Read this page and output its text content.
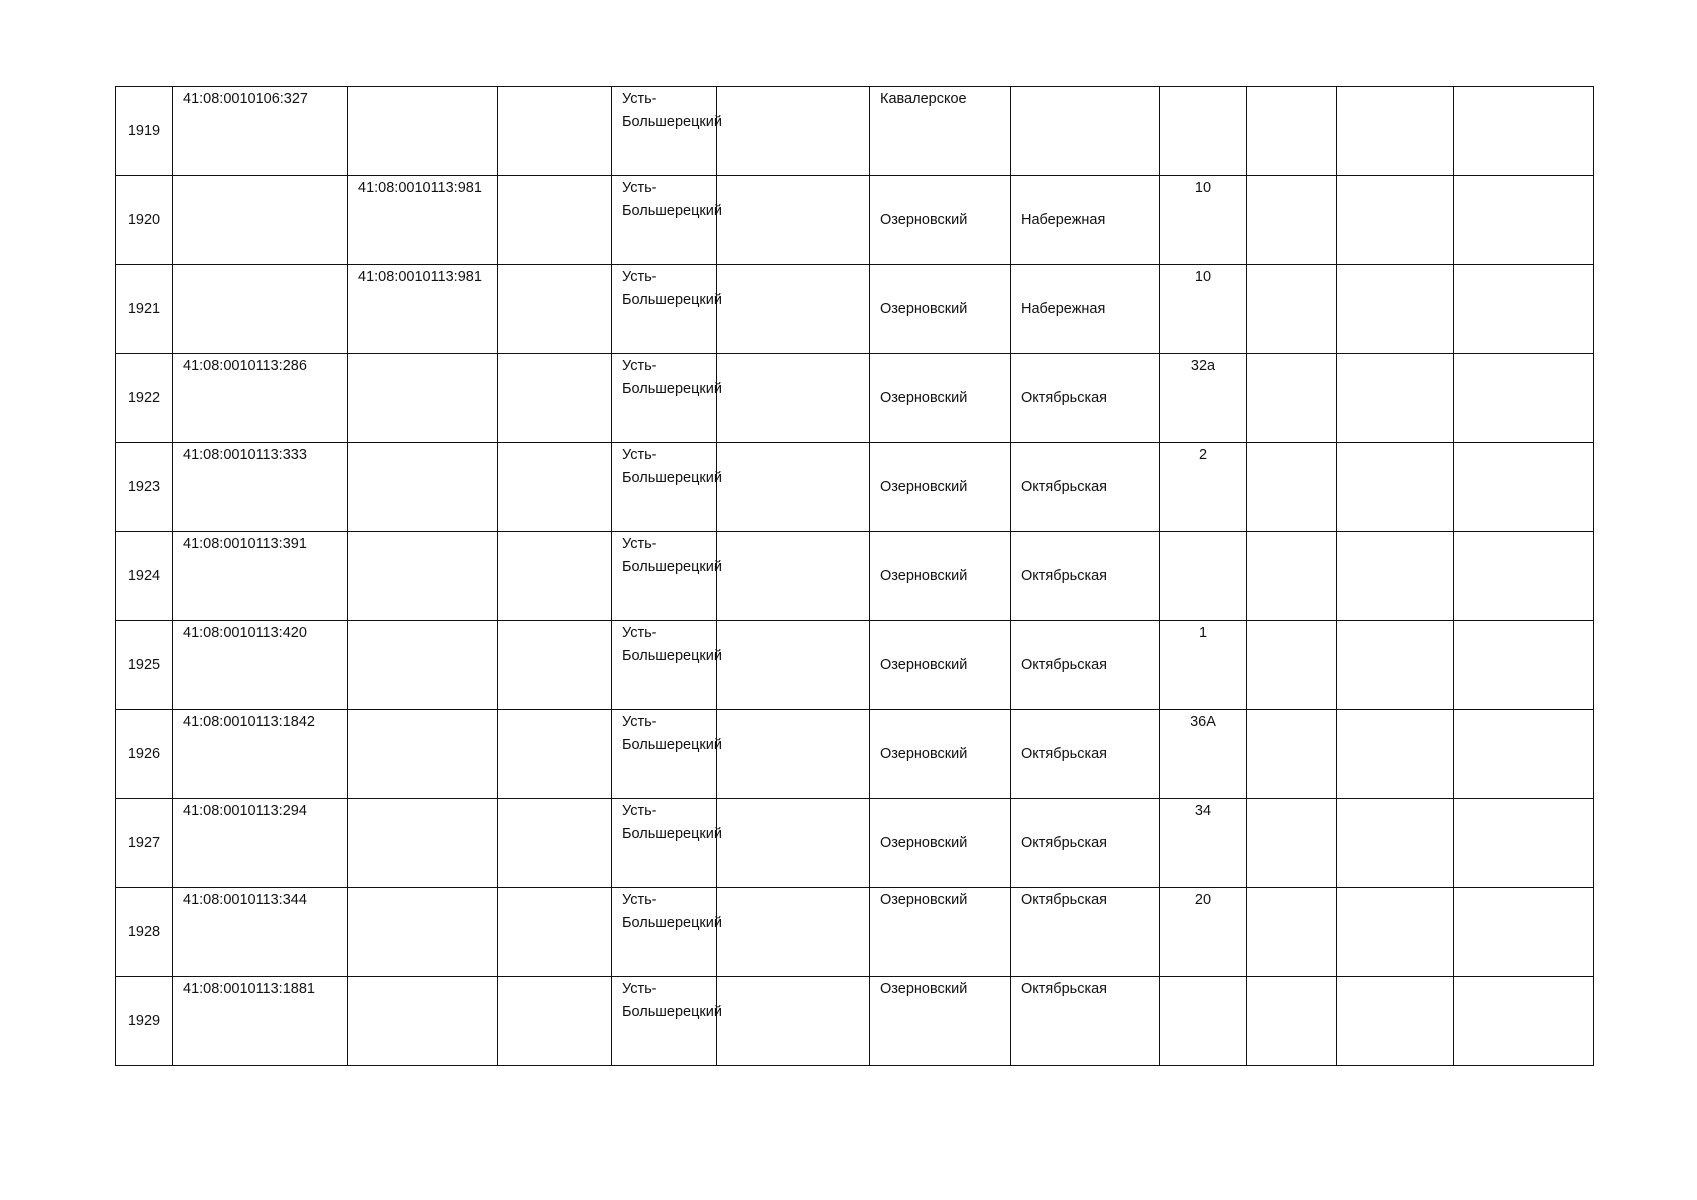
1919	41:08:0010106:327			Усть-Большерецкий		Кавалерское					
1920		41:08:0010113:981		Усть-Большерецкий		Озерновский	Набережная	10			
1921		41:08:0010113:981		Усть-Большерецкий		Озерновский	Набережная	10			
1922	41:08:0010113:286			Усть-Большерецкий		Озерновский	Октябрьская	32а			
1923	41:08:0010113:333			Усть-Большерецкий		Озерновский	Октябрьская	2			
1924	41:08:0010113:391			Усть-Большерецкий		Озерновский	Октябрьская				
1925	41:08:0010113:420			Усть-Большерецкий		Озерновский	Октябрьская	1			
1926	41:08:0010113:1842			Усть-Большерецкий		Озерновский	Октябрьская	36А			
1927	41:08:0010113:294			Усть-Большерецкий		Озерновский	Октябрьская	34			
1928	41:08:0010113:344			Усть-Большерецкий		Озерновский	Октябрьская	20			
1929	41:08:0010113:1881			Усть-Большерецкий		Озерновский	Октябрьская				
